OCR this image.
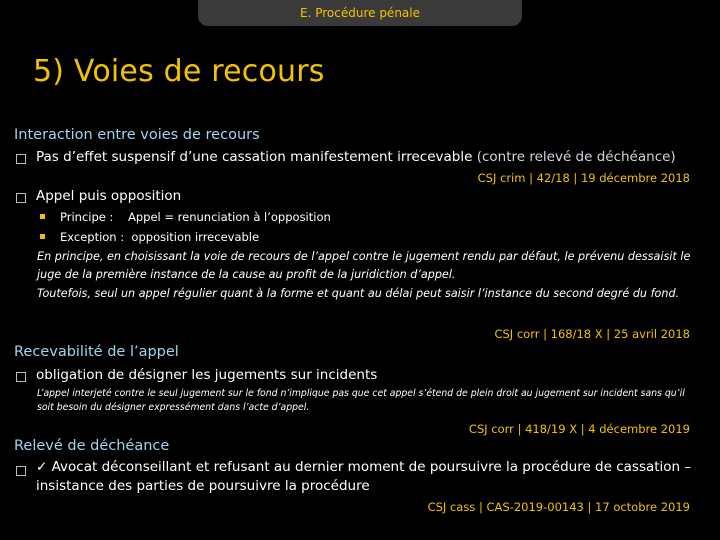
E. Procédure pénale
5) Voies de recours
Interaction entre voies de recours
Pas d’effet suspensif d’une cassation manifestement irrecevable (contre relevé de déchéance)
CSJ crim | 42/18 | 19 décembre 2018
Appel puis opposition
Principe :    Appel = renunciation à l’opposition
Exception :  opposition irrecevable
En principe, en choisissant la voie de recours de l’appel contre le jugement rendu par défaut, le prévenu dessaisit le
juge de la première instance de la cause au profit de la juridiction d’appel.
Toutefois, seul un appel régulier quant à la forme et quant au délai peut saisir l’instance du second degré du fond.
CSJ corr | 168/18 X | 25 avril 2018
Recevabilité de l’appel
obligation de désigner les jugements sur incidents
L’appel interjeté contre le seul jugement sur le fond n’implique pas que cet appel s’étend de plein droit au jugement sur incident sans qu’il
soit besoin du désigner expressément dans l’acte d’appel.
CSJ corr | 418/19 X | 4 décembre 2019
Relevé de déchéance
✓ Avocat déconseillant et refusant au dernier moment de poursuivre la procédure de cassation –
insistance des parties de poursuivre la procédure
CSJ cass | CAS-2019-00143 | 17 octobre 2019
